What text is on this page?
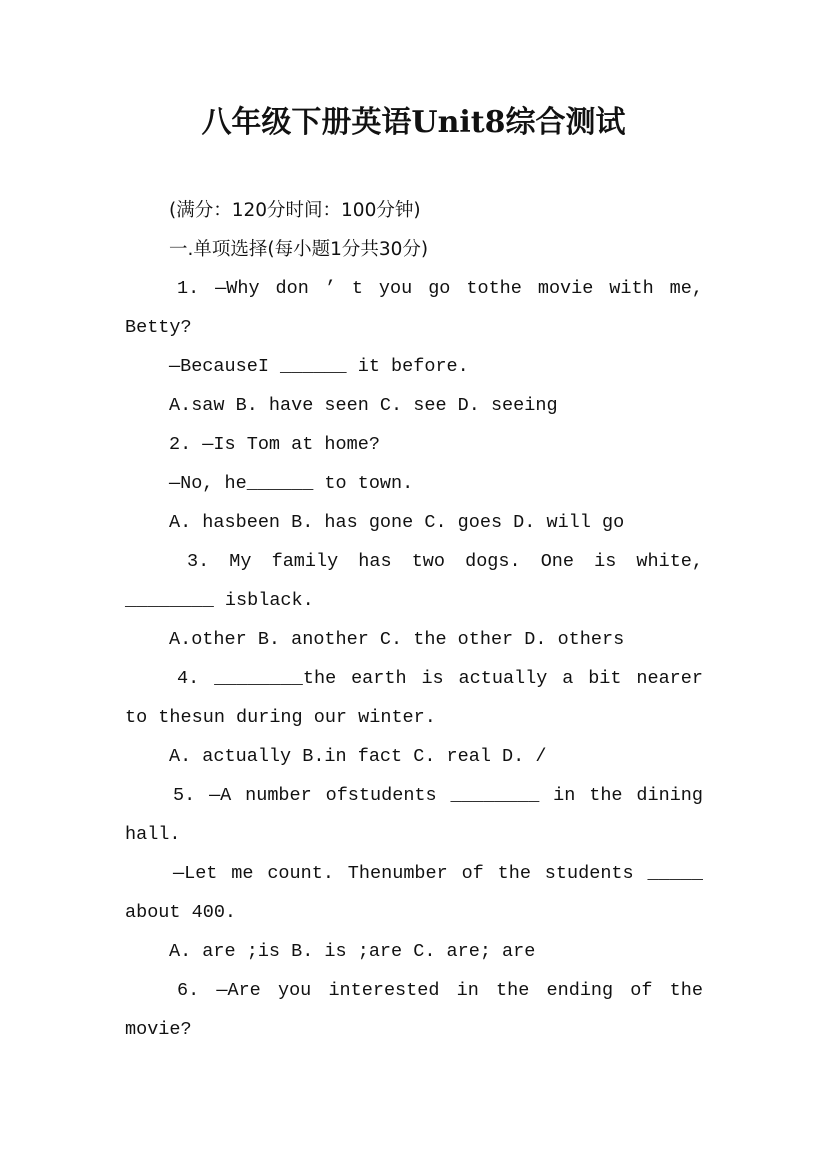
八年级下册英语Unit8综合测试
(满分：120分时间：100分钟)
一.单项选择(每小题1分共30分)
1. —Why don ’ t you go tothe movie with me,
Betty?
—BecauseI ______ it before.
A.saw B. have seen C. see D. seeing
2. —Is Tom at home?
—No, he______ to town.
A. hasbeen B. has gone C. goes D. will go
3. My family has two dogs. One is white,
________ isblack.
A.other B. another C. the other D. others
4. ________the earth is actually a bit nearer
to thesun during our winter.
A. actually B.in fact C. real D. /
5. —A number ofstudents ________ in the dining
hall.
—Let me count. Thenumber of the students _____
about 400.
A. are ;is B. is ;are C. are; are
6. —Are you interested in the ending of the
movie?
